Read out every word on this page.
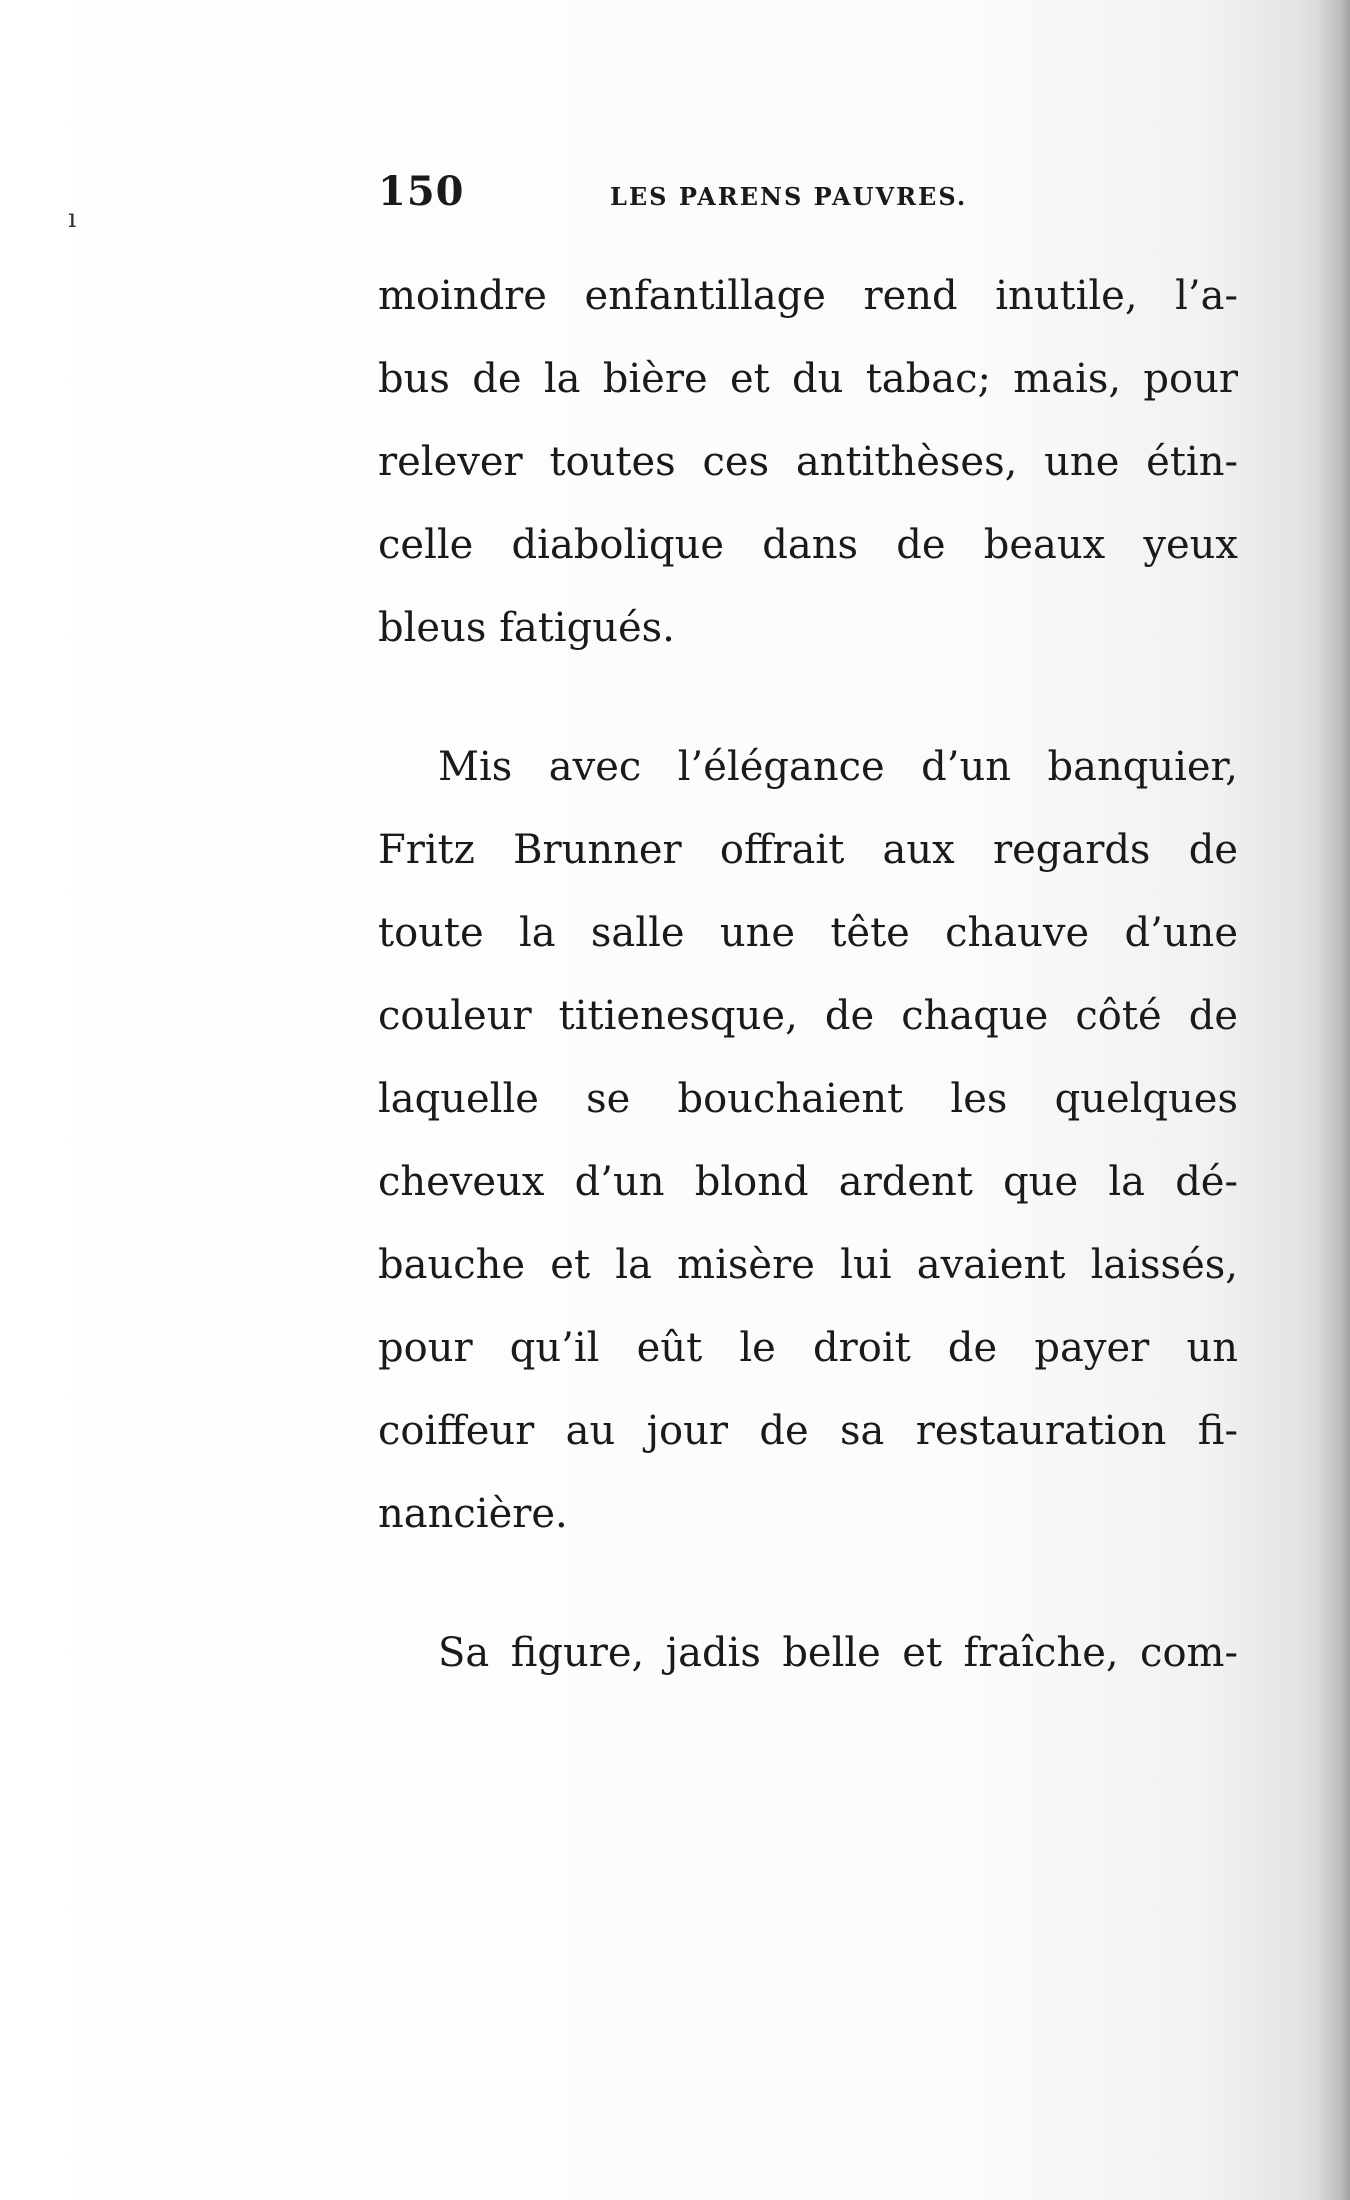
ı
150	LES PARENS PAUVRES.
moindre enfantillage rend inutile, l’a-
bus de la bière et du tabac; mais, pour
relever toutes ces antithèses, une étin-
celle diabolique dans de beaux yeux
bleus fatigués.
Mis avec l’élégance d’un banquier,
Fritz Brunner offrait aux regards de
toute la salle une tête chauve d’une
couleur titienesque, de chaque côté de
laquelle se bouchaient les quelques
cheveux d’un blond ardent que la dé-
bauche et la misère lui avaient laissés,
pour qu’il eût le droit de payer un
coiffeur au jour de sa restauration fi-
nancière.
Sa figure, jadis belle et fraîche, com-
